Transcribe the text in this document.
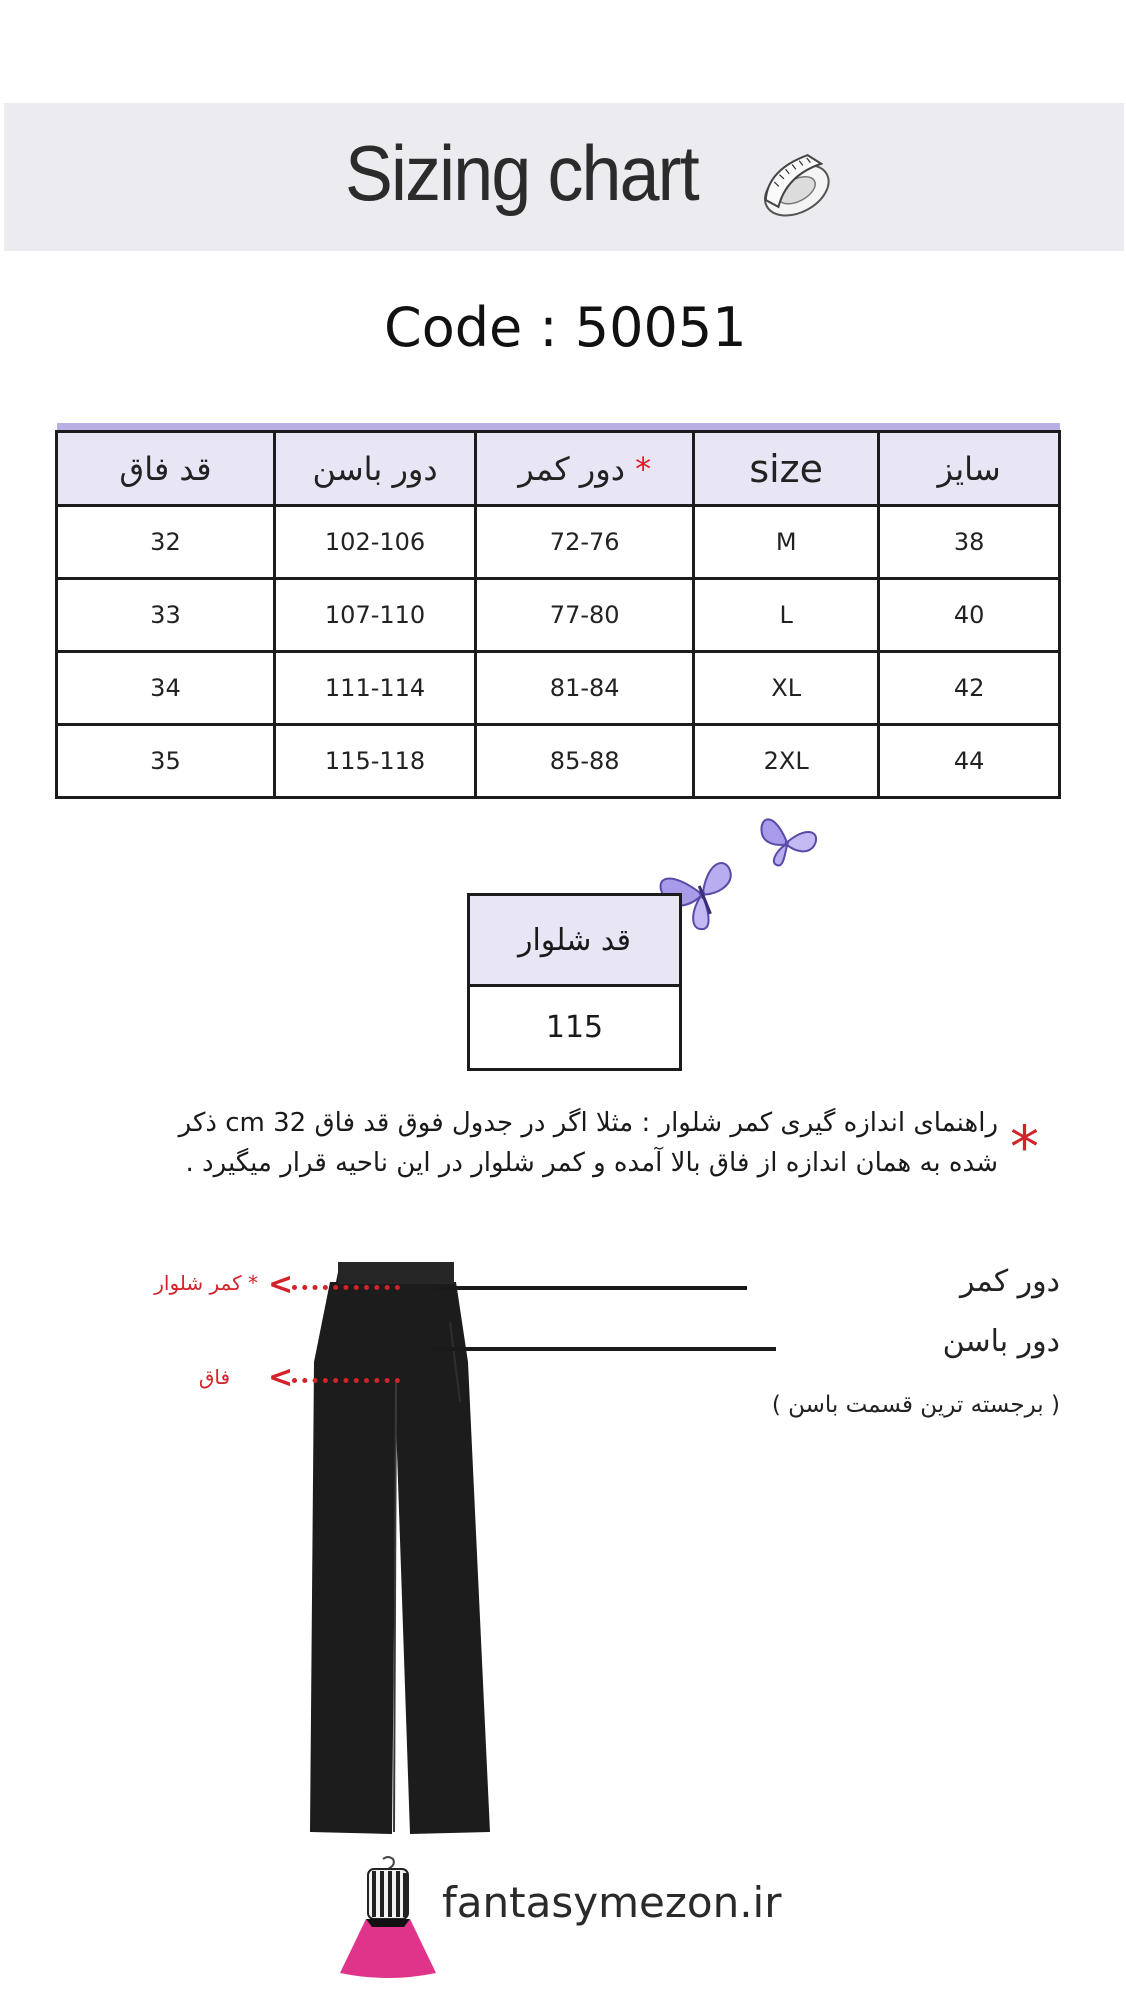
Sizing chart
Code : 50051

قد فاق	دور باسن	دور کمر *	size	سایز
32	102-106	72-76	M	38
33	107-110	77-80	L	40
34	111-114	81-84	XL	42
35	115-118	85-88	2XL	44
قد شلوار
115
راهنمای اندازه گیری کمر شلوار : مثلا اگر در جدول فوق قد فاق 32 cm ذکر
شده به همان اندازه از فاق بالا آمده و کمر شلوار در این ناحیه قرار میگیرد . *
دور کمر
دور باسن
( برجسته ترین قسمت باسن )
<
* کمر شلوار
<
فاق
fantasymezon.ir
